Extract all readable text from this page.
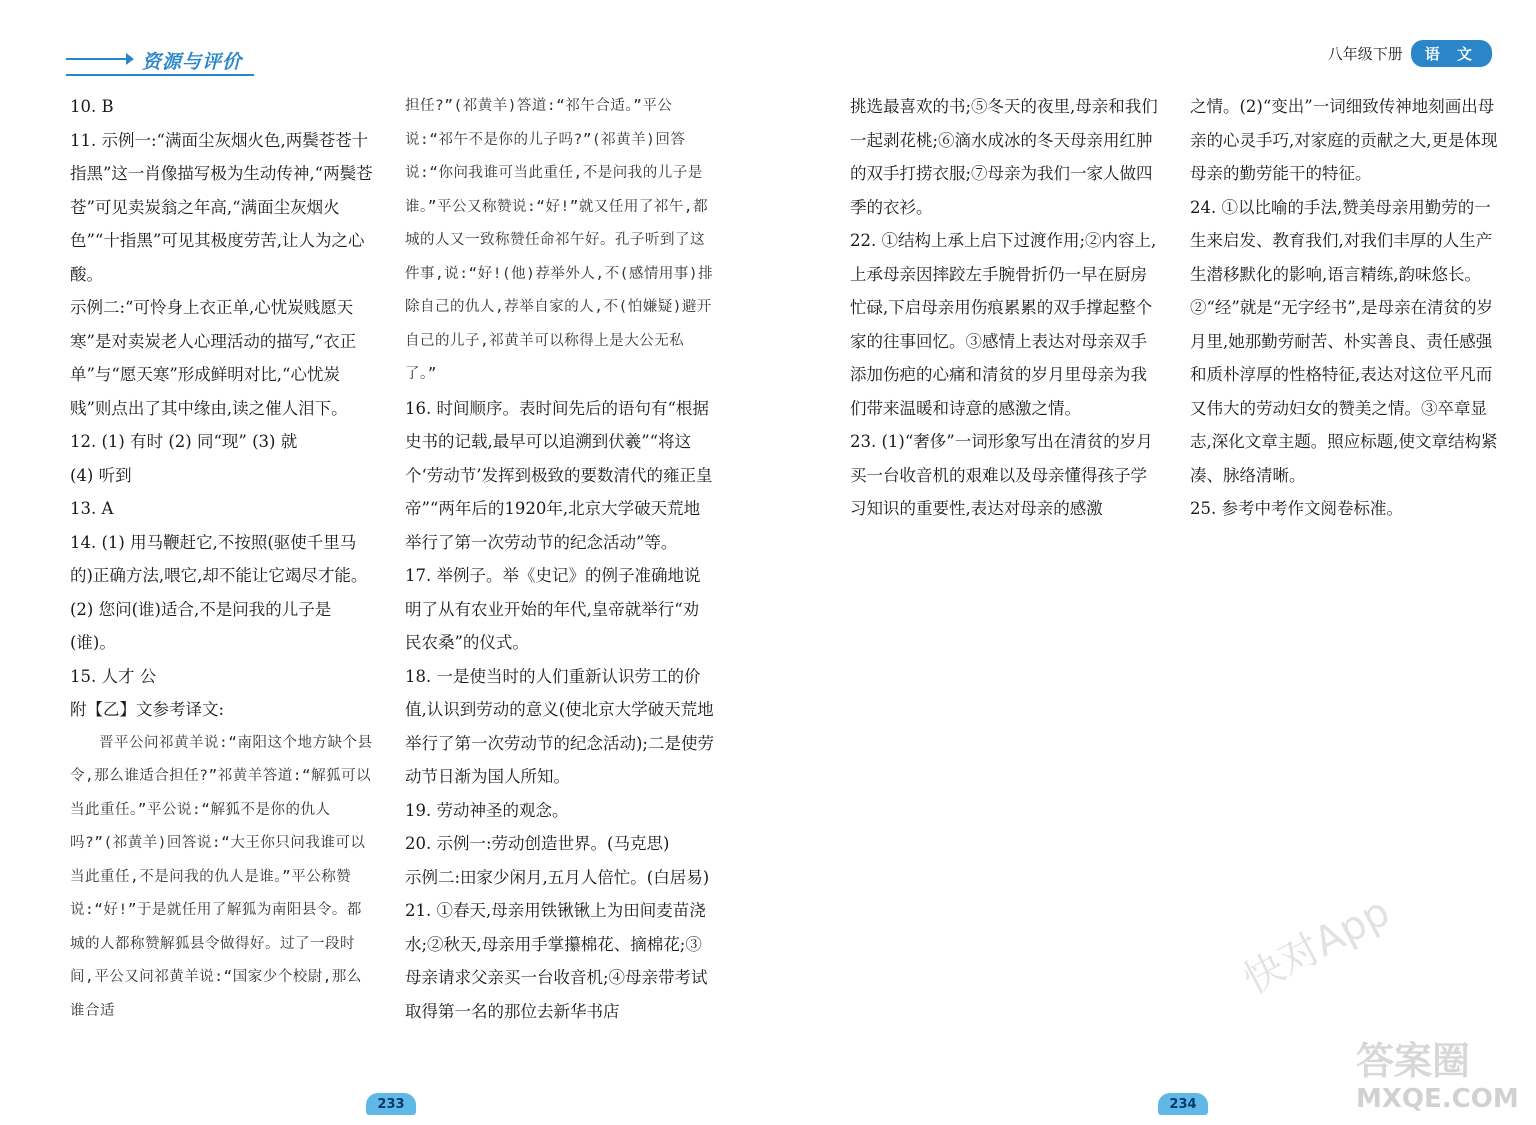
资源与评价	八年级下册	语 文

10. B

11. 示例一:“满面尘灰烟火色,两鬓苍苍十指黑”这一肖像描写极为生动传神,“两鬓苍苍”可见卖炭翁之年高,“满面尘灰烟火色”“十指黑”可见其极度劳苦,让人为之心酸。

示例二:“可怜身上衣正单,心忧炭贱愿天寒”是对卖炭老人心理活动的描写,“衣正单”与“愿天寒”形成鲜明对比,“心忧炭贱”则点出了其中缘由,读之催人泪下。

12. (1) 有时 (2) 同“现” (3) 就

(4) 听到

13. A

14. (1) 用马鞭赶它,不按照(驱使千里马的)正确方法,喂它,却不能让它竭尽才能。 (2) 您问(谁)适合,不是问我的儿子是(谁)。

15. 人才 公

附【乙】文参考译文:

晋平公问祁黄羊说:“南阳这个地方缺个县令,那么谁适合担任?”祁黄羊答道:“解狐可以当此重任。”平公说:“解狐不是你的仇人吗?”(祁黄羊)回答说:“大王你只问我谁可以当此重任,不是问我的仇人是谁。”平公称赞说:“好!”于是就任用了解狐为南阳县令。都城的人都称赞解狐县令做得好。过了一段时间,平公又问祁黄羊说:“国家少个校尉,那么谁合适

担任?”(祁黄羊)答道:“祁午合适。”平公说:“祁午不是你的儿子吗?”(祁黄羊)回答说:“你问我谁可当此重任,不是问我的儿子是谁。”平公又称赞说:“好!”就又任用了祁午,都城的人又一致称赞任命祁午好。孔子听到了这件事,说:“好!(他)荐举外人,不(感情用事)排除自己的仇人,荐举自家的人,不(怕嫌疑)避开自己的儿子,祁黄羊可以称得上是大公无私了。”

16. 时间顺序。表时间先后的语句有“根据史书的记载,最早可以追溯到伏羲”“将这个‘劳动节’发挥到极致的要数清代的雍正皇帝”“两年后的1920年,北京大学破天荒地举行了第一次劳动节的纪念活动”等。

17. 举例子。举《史记》的例子准确地说明了从有农业开始的年代,皇帝就举行“劝民农桑”的仪式。

18. 一是使当时的人们重新认识劳工的价值,认识到劳动的意义(使北京大学破天荒地举行了第一次劳动节的纪念活动);二是使劳动节日渐为国人所知。

19. 劳动神圣的观念。

20. 示例一:劳动创造世界。(马克思)

示例二:田家少闲月,五月人倍忙。(白居易)

21. ①春天,母亲用铁锹锹上为田间麦苗浇水;②秋天,母亲用手掌攥棉花、摘棉花;③母亲请求父亲买一台收音机;④母亲带考试取得第一名的那位去新华书店

挑选最喜欢的书;⑤冬天的夜里,母亲和我们一起剥花桃;⑥滴水成冰的冬天母亲用红肿的双手打捞衣服;⑦母亲为我们一家人做四季的衣衫。

22. ①结构上承上启下过渡作用;②内容上,上承母亲因摔跤左手腕骨折仍一早在厨房忙碌,下启母亲用伤痕累累的双手撑起整个家的往事回忆。③感情上表达对母亲双手添加伤疤的心痛和清贫的岁月里母亲为我们带来温暖和诗意的感激之情。

23. (1)“奢侈”一词形象写出在清贫的岁月买一台收音机的艰难以及母亲懂得孩子学习知识的重要性,表达对母亲的感激

之情。(2)“变出”一词细致传神地刻画出母亲的心灵手巧,对家庭的贡献之大,更是体现母亲的勤劳能干的特征。

24. ①以比喻的手法,赞美母亲用勤劳的一生来启发、教育我们,对我们丰厚的人生产生潜移默化的影响,语言精练,韵味悠长。②“经”就是“无字经书”,是母亲在清贫的岁月里,她那勤劳耐苦、朴实善良、责任感强和质朴淳厚的性格特征,表达对这位平凡而又伟大的劳动妇女的赞美之情。③卒章显志,深化文章主题。照应标题,使文章结构紧凑、脉络清晰。

25. 参考中考作文阅卷标准。

233	234
快对App
答案圈
MXQE.COM
